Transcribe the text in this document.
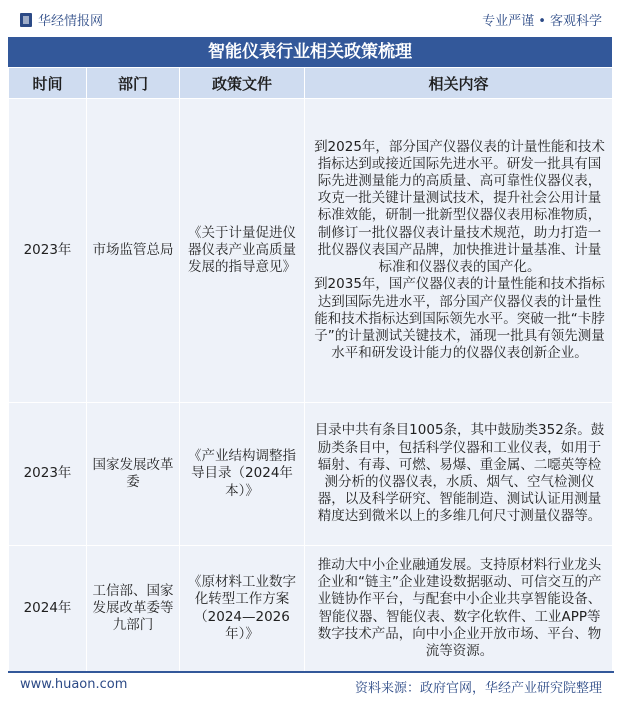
华经情报网	专业严谨 • 客观科学
智能仪表行业相关政策梳理
时间	部门	政策文件	相关内容
2023年	市场监管总局	《关于计量促进仪器仪表产业高质量发展的指导意见》	到2025年，部分国产仪器仪表的计量性能和技术指标达到或接近国际先进水平。研发一批具有国际先进测量能力的高质量、高可靠性仪器仪表，攻克一批关键计量测试技术，提升社会公用计量标准效能，研制一批新型仪器仪表用标准物质，制修订一批仪器仪表计量技术规范，助力打造一批仪器仪表国产品牌，加快推进计量基准、计量标准和仪器仪表的国产化。
到2035年，国产仪器仪表的计量性能和技术指标达到国际先进水平，部分国产仪器仪表的计量性能和技术指标达到国际领先水平。突破一批“卡脖子”的计量测试关键技术，涌现一批具有领先测量水平和研发设计能力的仪器仪表创新企业。

2023年	国家发展改革委	《产业结构调整指导目录（2024年本）》	目录中共有条目1005条，其中鼓励类352条。鼓励类条目中，包括科学仪器和工业仪表，如用于辐射、有毒、可燃、易爆、重金属、二噁英等检测分析的仪器仪表，水质、烟气、空气检测仪器，以及科学研究、智能制造、测试认证用测量精度达到微米以上的多维几何尺寸测量仪器等。

2024年	工信部、国家发展改革委等九部门	《原材料工业数字化转型工作方案（2024—2026年）》	推动大中小企业融通发展。支持原材料行业龙头企业和“链主”企业建设数据驱动、可信交互的产业链协作平台，与配套中小企业共享智能设备、智能仪器、智能仪表、数字化软件、工业APP等数字技术产品，向中小企业开放市场、平台、物流等资源。
www.huaon.com	资料来源：政府官网，华经产业研究院整理
